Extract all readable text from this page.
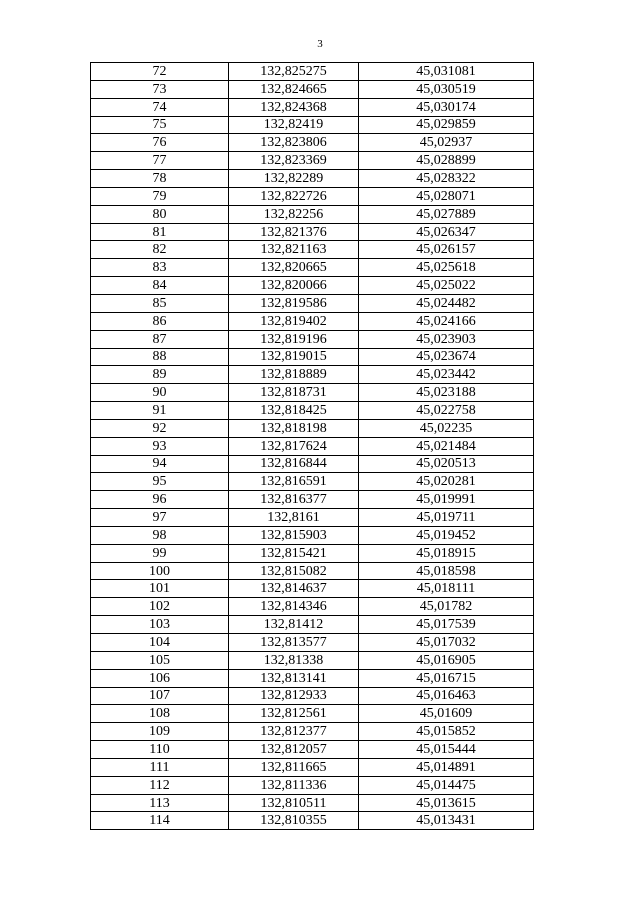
3
72	132,825275	45,031081
73	132,824665	45,030519
74	132,824368	45,030174
75	132,82419	45,029859
76	132,823806	45,02937
77	132,823369	45,028899
78	132,82289	45,028322
79	132,822726	45,028071
80	132,82256	45,027889
81	132,821376	45,026347
82	132,821163	45,026157
83	132,820665	45,025618
84	132,820066	45,025022
85	132,819586	45,024482
86	132,819402	45,024166
87	132,819196	45,023903
88	132,819015	45,023674
89	132,818889	45,023442
90	132,818731	45,023188
91	132,818425	45,022758
92	132,818198	45,02235
93	132,817624	45,021484
94	132,816844	45,020513
95	132,816591	45,020281
96	132,816377	45,019991
97	132,8161	45,019711
98	132,815903	45,019452
99	132,815421	45,018915
100	132,815082	45,018598
101	132,814637	45,018111
102	132,814346	45,01782
103	132,81412	45,017539
104	132,813577	45,017032
105	132,81338	45,016905
106	132,813141	45,016715
107	132,812933	45,016463
108	132,812561	45,01609
109	132,812377	45,015852
110	132,812057	45,015444
111	132,811665	45,014891
112	132,811336	45,014475
113	132,810511	45,013615
114	132,810355	45,013431
